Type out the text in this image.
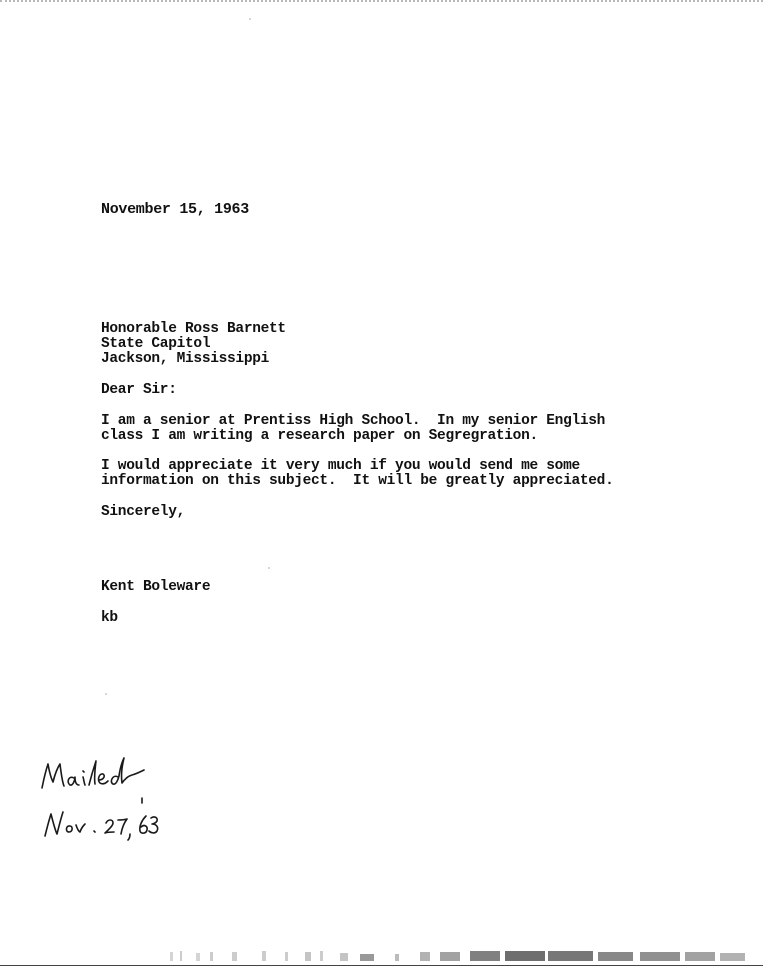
November 15, 1963
Honorable Ross Barnett
State Capitol
Jackson, Mississippi
Dear Sir:
I am a senior at Prentiss High School.  In my senior English
class I am writing a research paper on Segregration.
I would appreciate it very much if you would send me some
information on this subject.  It will be greatly appreciated.
Sincerely,
Kent Boleware
kb
